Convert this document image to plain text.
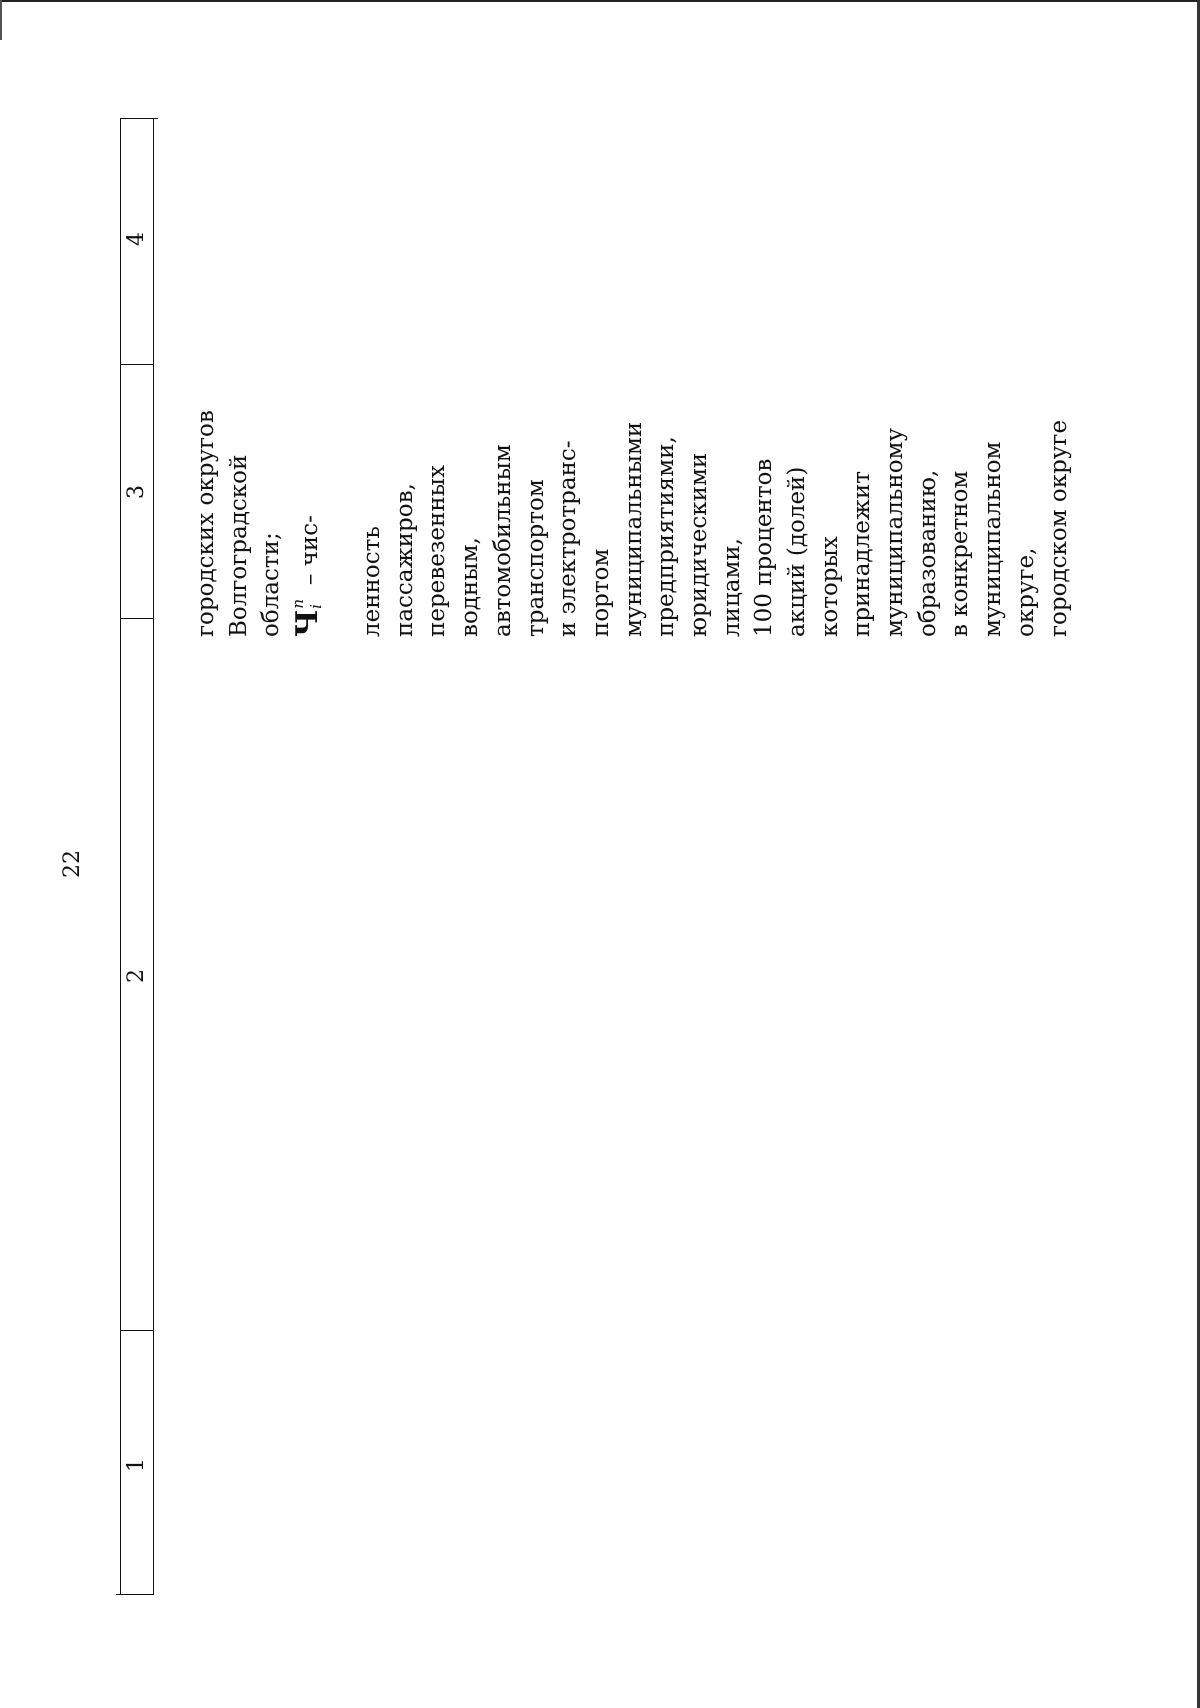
22
1
2
3
4
городских округов Волгоградской области; $Ч^пi-$ чис-	ленность пассажиров, перевезенных водным, автомобильным транспортом и электротранс- портом муниципальными предприятиями, юридическими лицами, 100 процентов акций (долей) которых принадлежит муниципальному образованию, в конкретном муниципальном округе, городском округе
